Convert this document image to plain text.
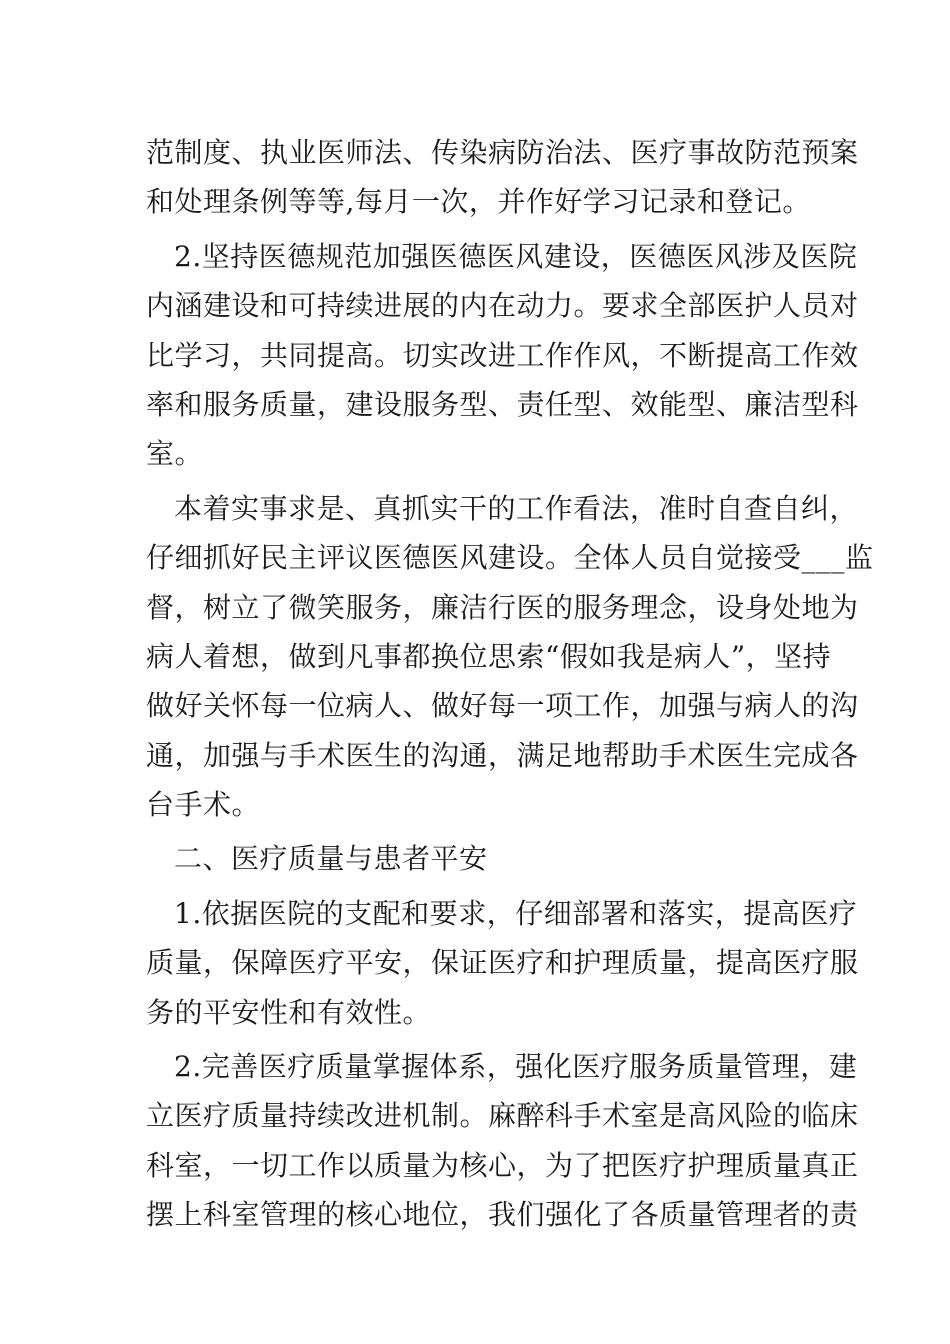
范制度、执业医师法、传染病防治法、医疗事故防范预案
和处理条例等等,每月一次，并作好学习记录和登记。

2.坚持医德规范加强医德医风建设，医德医风涉及医院
内涵建设和可持续进展的内在动力。要求全部医护人员对
比学习，共同提高。切实改进工作作风，不断提高工作效
率和服务质量，建设服务型、责任型、效能型、廉洁型科
室。

本着实事求是、真抓实干的工作看法，准时自查自纠，
仔细抓好民主评议医德医风建设。全体人员自觉接受___监
督，树立了微笑服务，廉洁行医的服务理念，设身处地为
病人着想，做到凡事都换位思索“假如我是病人”，坚持
做好关怀每一位病人、做好每一项工作，加强与病人的沟
通，加强与手术医生的沟通，满足地帮助手术医生完成各
台手术。

二、医疗质量与患者平安

1.依据医院的支配和要求，仔细部署和落实，提高医疗
质量，保障医疗平安，保证医疗和护理质量，提高医疗服
务的平安性和有效性。

2.完善医疗质量掌握体系，强化医疗服务质量管理，建
立医疗质量持续改进机制。麻醉科手术室是高风险的临床
科室，一切工作以质量为核心，为了把医疗护理质量真正
摆上科室管理的核心地位，我们强化了各质量管理者的责
